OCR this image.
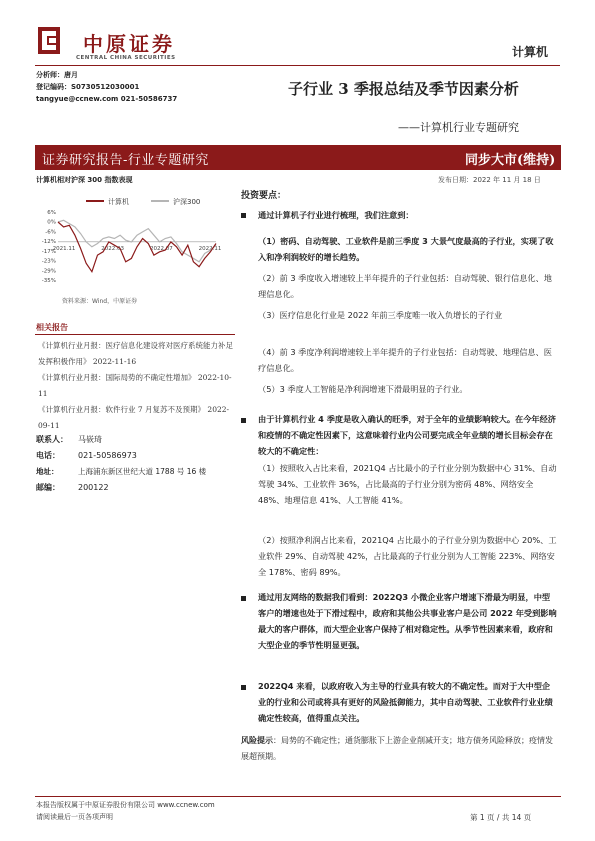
中原证券
CENTRAL CHINA SECURITIES	计算机
分析师：唐月
登记编码：S0730512030001
tangyue@ccnew.com 021-50586737
子行业 3 季报总结及季节因素分析
——计算机行业专题研究
证券研究报告-行业专题研究	同步大市(维持)
计算机相对沪深 300 指数表现	发布日期：2022 年 11 月 18 日
计算机	沪深300
6%
0%
-6%
-12%
-17%
-23%
-29%
-35%
2021.11	2022.03	2022.07	2022.11
资料来源：Wind，中原证券
相关报告
《计算机行业月报：医疗信息化建设将对医疗系统能力补足发挥积极作用》 2022-11-16
《计算机行业月报：国际局势的不确定性增加》 2022-10-11
《计算机行业月报：软件行业 7 月复苏不及预期》 2022-09-11
联系人： 马嵚琦
电话： 021-50586973
地址：	上海浦东新区世纪大道 1788 号 16 楼
邮编： 200122
投资要点：
通过计算机子行业进行梳理，我们注意到：
（1）密码、自动驾驶、工业软件是前三季度 3 大景气度最高的子行业，实现了收入和净利润较好的增长趋势。
（2）前 3 季度收入增速较上半年提升的子行业包括：自动驾驶、银行信息化、地理信息化。
（3）医疗信息化行业是 2022 年前三季度唯一收入负增长的子行业
（4）前 3 季度净利润增速较上半年提升的子行业包括：自动驾驶、地理信息、医疗信息化。
（5）3 季度人工智能是净利润增速下滑最明显的子行业。
由于计算机行业 4 季度是收入确认的旺季，对于全年的业绩影响较大。在今年经济和疫情的不确定性因素下，这意味着行业内公司要完成全年业绩的增长目标会存在较大的不确定性：
（1）按照收入占比来看，2021Q4 占比最小的子行业分别为数据中心 31%、自动驾驶 34%、工业软件 36%，占比最高的子行业分别为密码 48%、网络安全 48%、地理信息 41%、人工智能 41%。
（2）按照净利润占比来看，2021Q4 占比最小的子行业分别为数据中心 20%、工业软件 29%、自动驾驶 42%，占比最高的子行业分别为人工智能 223%、网络安全 178%、密码 89%。
通过用友网络的数据我们看到：2022Q3 小微企业客户增速下滑最为明显，中型客户的增速也处于下滑过程中，政府和其他公共事业客户是公司 2022 年受到影响最大的客户群体，而大型企业客户保持了相对稳定性。从季节性因素来看，政府和大型企业的季节性明显更强。
2022Q4 来看，以政府收入为主导的行业具有较大的不确定性。而对于大中型企业的行业和公司或将具有更好的风险抵御能力，其中自动驾驶、工业软件行业业绩确定性较高，值得重点关注。
风险提示：局势的不确定性；通货膨胀下上游企业削减开支；地方债务风险释放；疫情发展超预期。
本报告版权属于中原证券股份有限公司 www.ccnew.com
请阅读最后一页各项声明	第 1 页 / 共 14 页
